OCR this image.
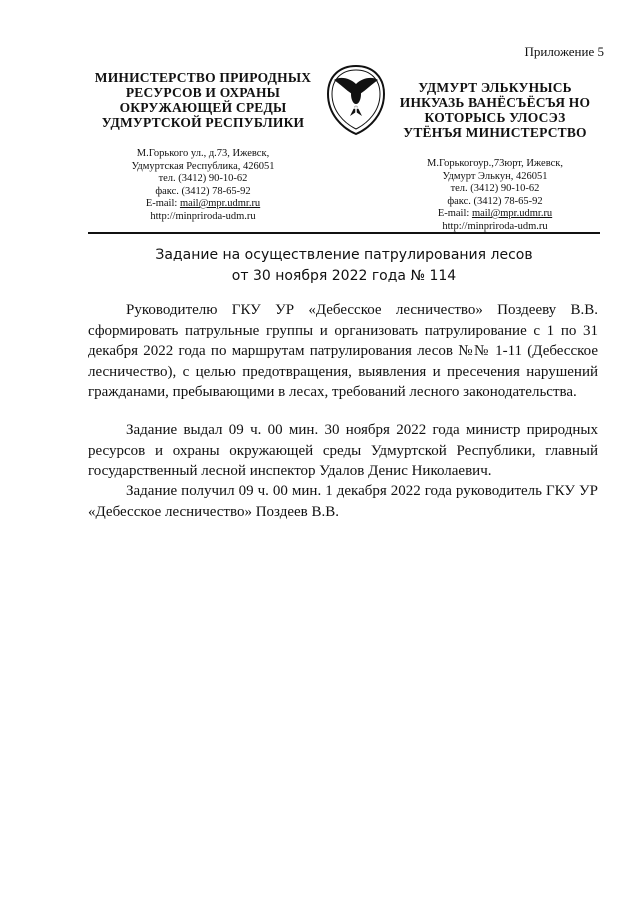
Приложение 5
МИНИСТЕРСТВО ПРИРОДНЫХ
РЕСУРСОВ И ОХРАНЫ
ОКРУЖАЮЩЕЙ СРЕДЫ
УДМУРТСКОЙ РЕСПУБЛИКИ
М.Горького ул., д.73, Ижевск,
Удмуртская Республика, 426051
тел. (3412) 90-10-62
факс. (3412) 78-65-92
E-mail: mail@mpr.udmr.ru
http://minpriroda-udm.ru
УДМУРТ ЭЛЬКУНЫСЬ
ИНКУАЗЬ ВАНЁСЪЁСЪЯ НО
КОТОРЫСЬ УЛОСЭЗ
УТЁНЪЯ МИНИСТЕРСТВО
М.Горькогоур.,73юрт, Ижевск,
Удмурт Элькун, 426051
тел. (3412) 90-10-62
факс. (3412) 78-65-92
E-mail: mail@mpr.udmr.ru
http://minpriroda-udm.ru
Задание на осуществление патрулирования лесов
от 30 ноября 2022 года № 114

Руководителю ГКУ УР «Дебесское лесничество» Поздееву В.В. сформировать патрульные группы и организовать патрулирование с 1 по 31 декабря 2022 года по маршрутам патрулирования лесов №№ 1-11 (Дебесское лесничество), с целью предотвращения, выявления и пресечения нарушений гражданами, пребывающими в лесах, требований лесного законодательства.

Задание выдал 09 ч. 00 мин. 30 ноября 2022 года министр природных ресурсов и охраны окружающей среды Удмуртской Республики, главный государственный лесной инспектор Удалов Денис Николаевич.

Задание получил 09 ч. 00 мин. 1 декабря 2022 года руководитель ГКУ УР «Дебесское лесничество» Поздеев В.В.
